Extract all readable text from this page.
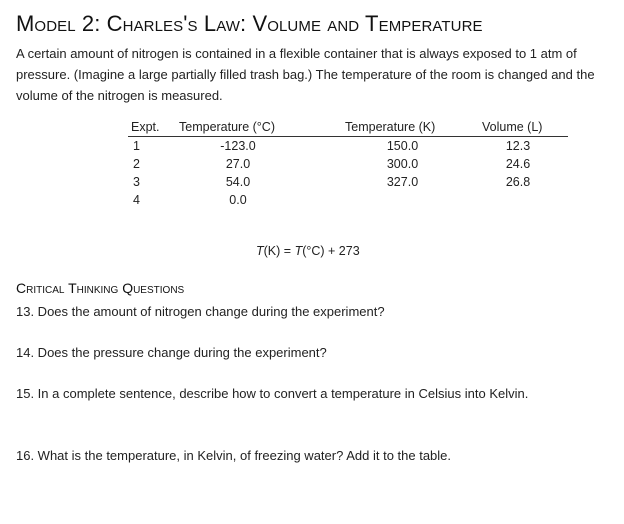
Model 2: Charles's Law: Volume and Temperature

A certain amount of nitrogen is contained in a flexible container that is always exposed to 1 atm of pressure. (Imagine a large partially filled trash bag.) The temperature of the room is changed and the volume of the nitrogen is measured.

Expt.	Temperature (°C)	Temperature (K)	Volume (L)
1	-123.0	150.0	12.3
2	27.0	300.0	24.6
3	54.0	327.0	26.8
4	0.0		
T(K) = T(°C) + 273
Critical Thinking Questions
13. Does the amount of nitrogen change during the experiment?
14. Does the pressure change during the experiment?
15. In a complete sentence, describe how to convert a temperature in Celsius into Kelvin.
16. What is the temperature, in Kelvin, of freezing water? Add it to the table.
